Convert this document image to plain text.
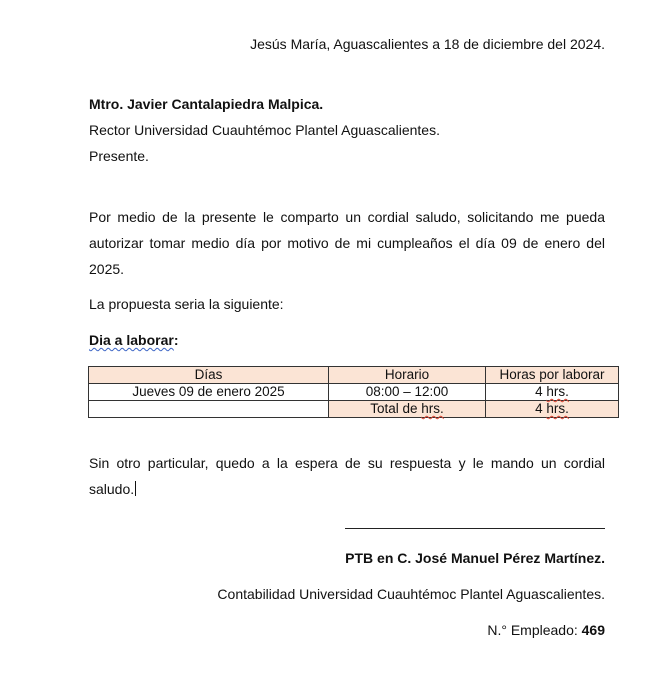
Jesús María, Aguascalientes a 18 de diciembre del 2024.
Mtro. Javier Cantalapiedra Malpica.
Rector Universidad Cuauhtémoc Plantel Aguascalientes.
Presente.
Por medio de la presente le comparto un cordial saludo, solicitando me pueda autorizar tomar medio día por motivo de mi cumpleaños el día 09 de enero del 2025.
La propuesta seria la siguiente:
Dia a laborar:
Días	Horario	Horas por laborar
Jueves 09 de enero 2025	08:00 – 12:00	4 hrs.
	Total de hrs.	4 hrs.
Sin otro particular, quedo a la espera de su respuesta y le mando un cordial saludo.
PTB en C. José Manuel Pérez Martínez.
Contabilidad Universidad Cuauhtémoc Plantel Aguascalientes.
N.° Empleado: 469
